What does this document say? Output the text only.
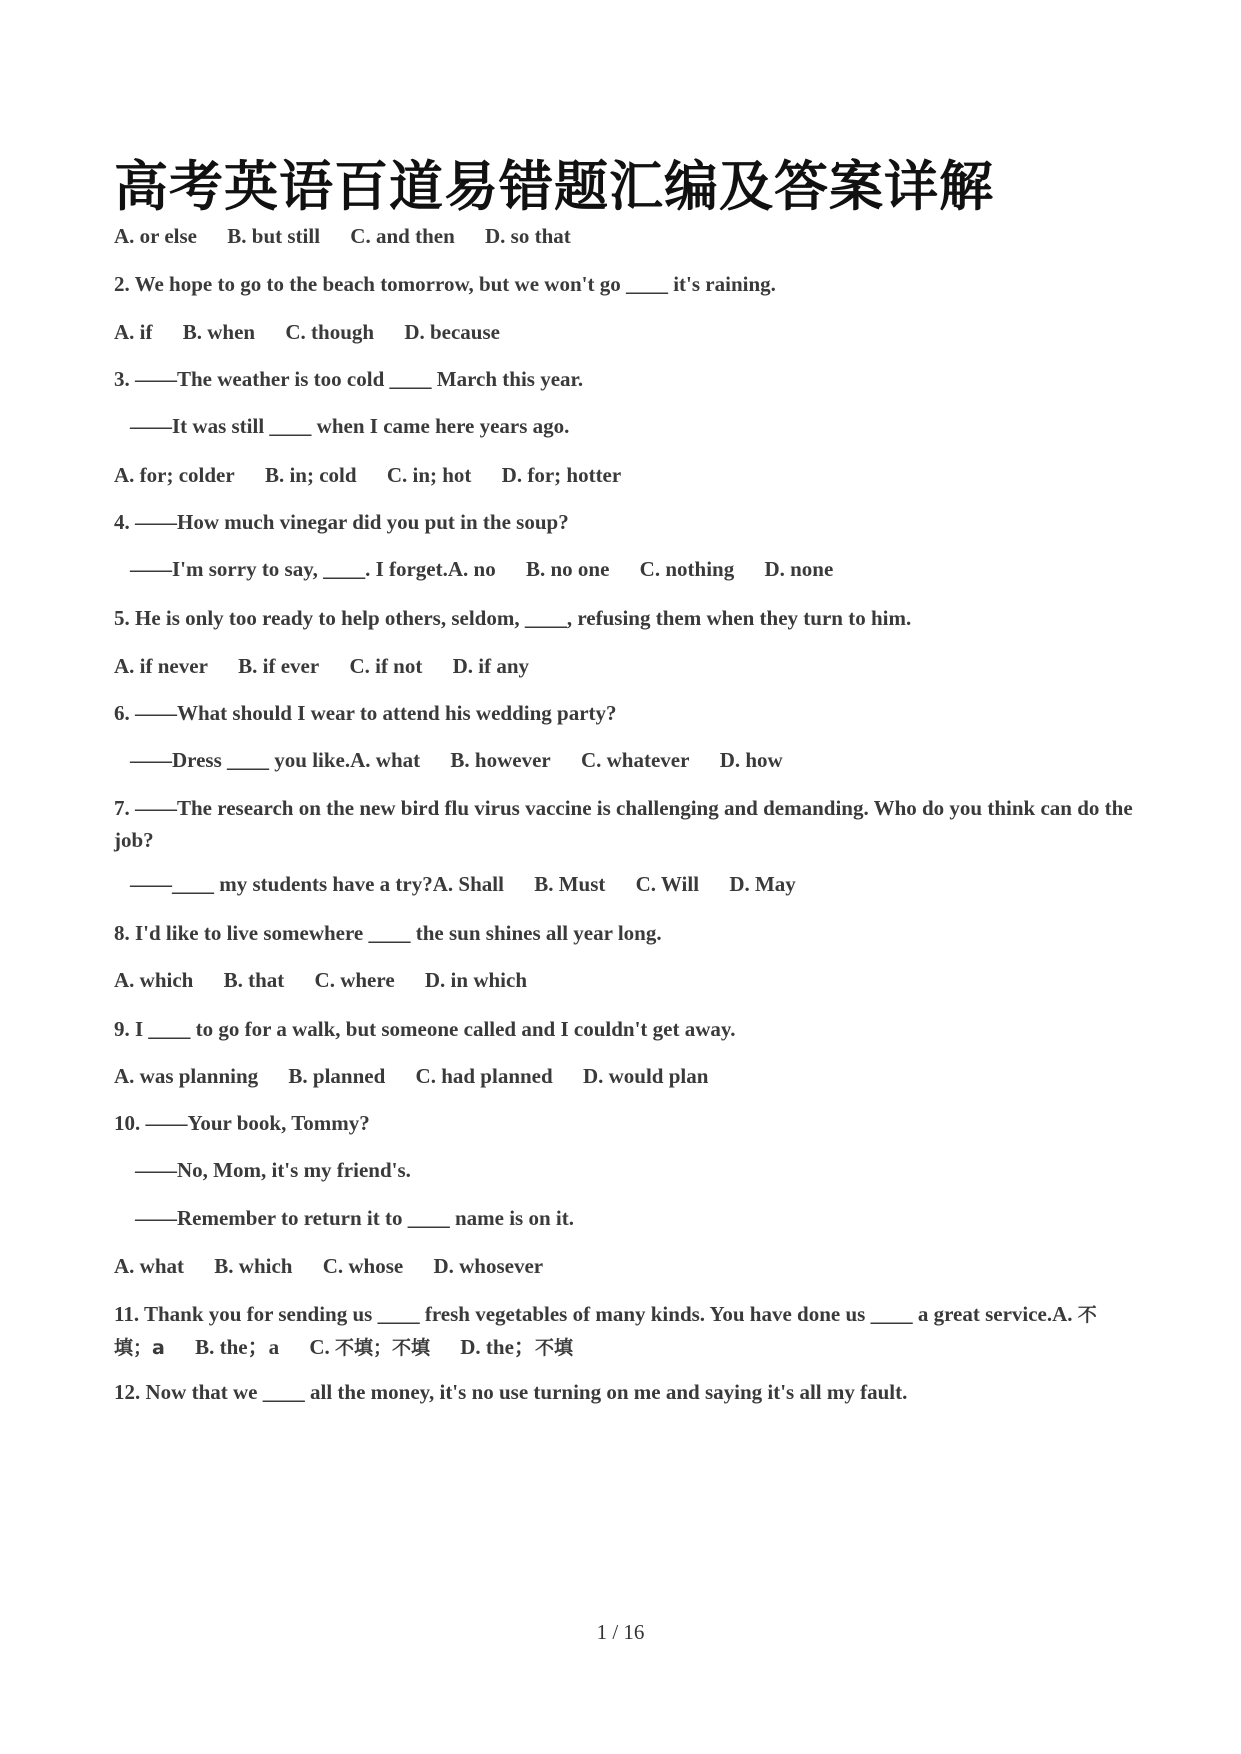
高考英语百道易错题汇编及答案详解
A. or else B. but still C. and then D. so that
2. We hope to go to the beach tomorrow, but we won't go ____ it's raining.
A. if B. when C. though D. because
3. ——The weather is too cold ____ March this year.
——It was still ____ when I came here years ago.
A. for; colder B. in; cold C. in; hot D. for; hotter
4. ——How much vinegar did you put in the soup?
——I'm sorry to say, ____. I forget.A. no B. no one C. nothing D. none
5. He is only too ready to help others, seldom, ____, refusing them when they turn to him.
A. if never B. if ever C. if not D. if any
6. ——What should I wear to attend his wedding party?
——Dress ____ you like.A. what B. however C. whatever D. how
7. ——The research on the new bird flu virus vaccine is challenging and demanding. Who do you think can do the job?
——____ my students have a try?A. Shall B. Must C. Will D. May
8. I'd like to live somewhere ____ the sun shines all year long.
A. which B. that C. where D. in which
9. I ____ to go for a walk, but someone called and I couldn't get away.
A. was planning B. planned C. had planned D. would plan
10. ——Your book, Tommy?
——No, Mom, it's my friend's.
——Remember to return it to ____ name is on it.
A. what B. which C. whose D. whosever
11. Thank you for sending us ____ fresh vegetables of many kinds. You have done us ____ a great service.A. 不填；a B. the；a C. 不填；不填 D. the；不填
12. Now that we ____ all the money, it's no use turning on me and saying it's all my fault.
1 / 16
